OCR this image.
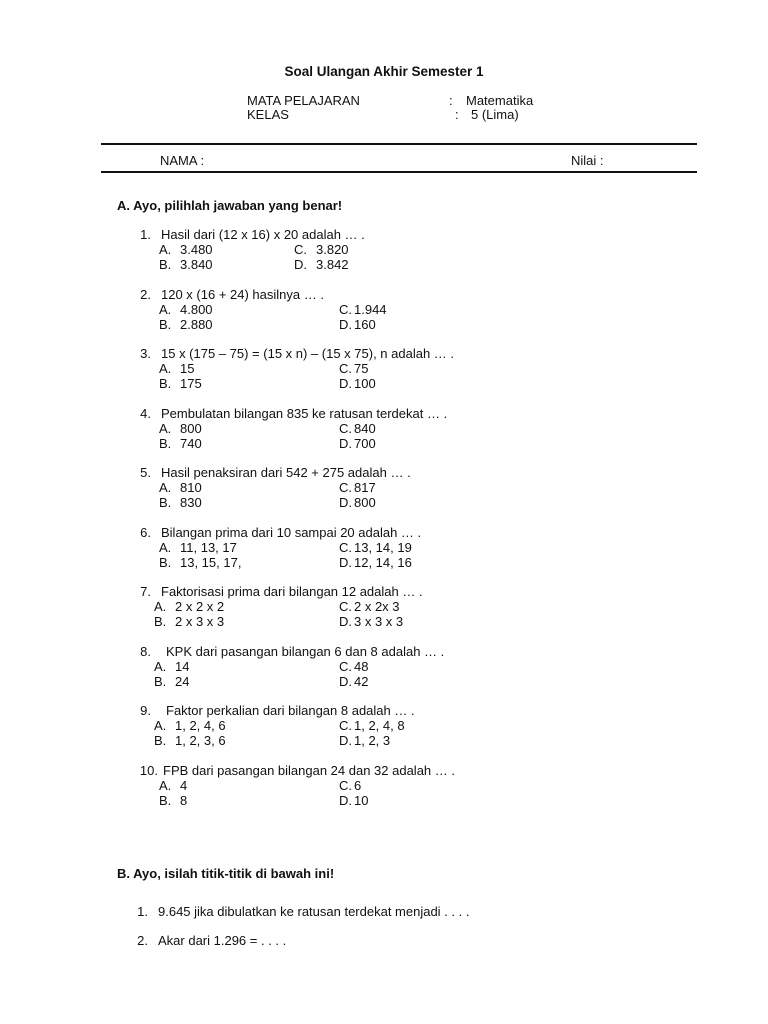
Soal Ulangan Akhir Semester 1
MATA PELAJARAN	: Matematika
KELAS	: 5 (Lima)
NAMA :	Nilai :
A. Ayo, pilihlah jawaban yang benar!
1. Hasil dari (12 x 16) x 20 adalah … .
A. 3.480	C. 3.820
B. 3.840	D. 3.842
2. 120 x (16 + 24) hasilnya … .
A. 4.800	C. 1.944
B. 2.880	D. 160
3. 15 x (175 – 75) = (15 x n) – (15 x 75), n adalah … .
A. 15	C. 75
B. 175	D. 100
4. Pembulatan bilangan 835 ke ratusan terdekat … .
A. 800	C. 840
B. 740	D. 700
5. Hasil penaksiran dari 542 + 275 adalah … .
A. 810	C. 817
B. 830	D. 800
6. Bilangan prima dari 10 sampai 20 adalah … .
A. 11, 13, 17	C. 13, 14, 19
B. 13, 15, 17,	D. 12, 14, 16
7. Faktorisasi prima dari bilangan 12 adalah … .
A. 2 x 2 x 2	C. 2 x 2x 3
B. 2 x 3 x 3	D. 3 x 3 x 3
8. KPK dari pasangan bilangan 6 dan 8 adalah … .
A. 14	C. 48
B. 24	D. 42
9. Faktor perkalian dari bilangan 8 adalah … .
A. 1, 2, 4, 6	C. 1, 2, 4, 8
B. 1, 2, 3, 6	D. 1, 2, 3
10. FPB dari pasangan bilangan 24 dan 32 adalah … .
A. 4	C. 6
B. 8	D. 10
B. Ayo, isilah titik-titik di bawah ini!
1. 9.645 jika dibulatkan ke ratusan terdekat menjadi . . . .
2. Akar dari 1.296 = . . . .
